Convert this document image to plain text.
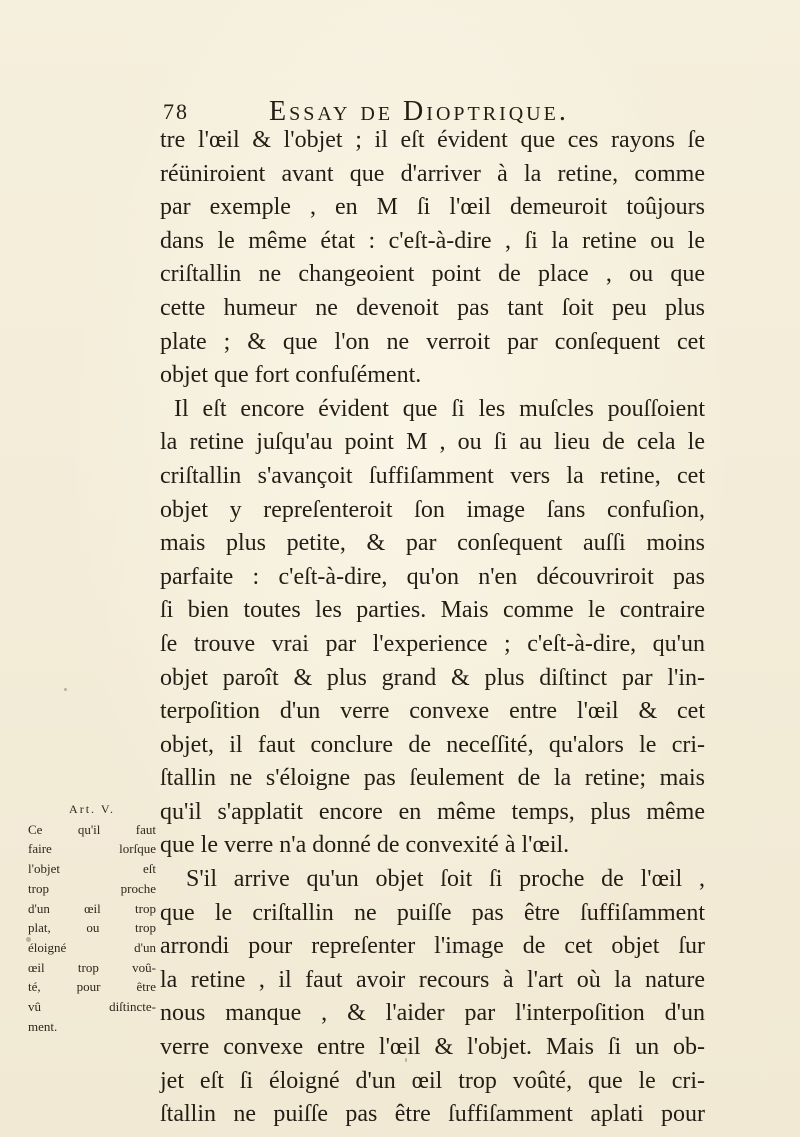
78	Essay de Dioptrique.
tre l'œil & l'objet ; il eſt évident que ces rayons ſe
réüniroient avant que d'arriver à la retine, comme
par exemple , en M ſi l'œil demeuroit toûjours
dans le même état : c'eſt-à-dire , ſi la retine ou le
criſtallin ne changeoient point de place , ou que
cette humeur ne devenoit pas tant ſoit peu plus
plate ; & que l'on ne verroit par conſequent cet
objet que fort confuſément.
Il eſt encore évident que ſi les muſcles pouſſoient
la retine juſqu'au point M , ou ſi au lieu de cela le
criſtallin s'avançoit ſuffiſamment vers la retine, cet
objet y repreſenteroit ſon image ſans confuſion,
mais plus petite, & par conſequent auſſi moins
parfaite : c'eſt-à-dire, qu'on n'en découvriroit pas
ſi bien toutes les parties. Mais comme le contraire
ſe trouve vrai par l'experience ; c'eſt-à-dire, qu'un
objet paroît & plus grand & plus diſtinct par l'in-
terpoſition d'un verre convexe entre l'œil & cet
objet, il faut conclure de neceſſité, qu'alors le cri-
ſtallin ne s'éloigne pas ſeulement de la retine; mais
qu'il s'applatit encore en même temps, plus même
que le verre n'a donné de convexité à l'œil.
S'il arrive qu'un objet ſoit ſi proche de l'œil ,
que le criſtallin ne puiſſe pas être ſuffiſamment
arrondi pour repreſenter l'image de cet objet ſur
la retine , il faut avoir recours à l'art où la nature
nous manque , & l'aider par l'interpoſition d'un
verre convexe entre l'œil & l'objet. Mais ſi un ob-
jet eſt ſi éloigné d'un œil trop voûté, que le cri-
ſtallin ne puiſſe pas être ſuffiſamment aplati pour
Art. V.
Ce qu'il faut
faire lorſque
l'objet eſt
trop proche
d'un œil trop
plat, ou trop
éloigné d'un
œil trop voû-
té, pour être
vû diſtincte-
ment.
